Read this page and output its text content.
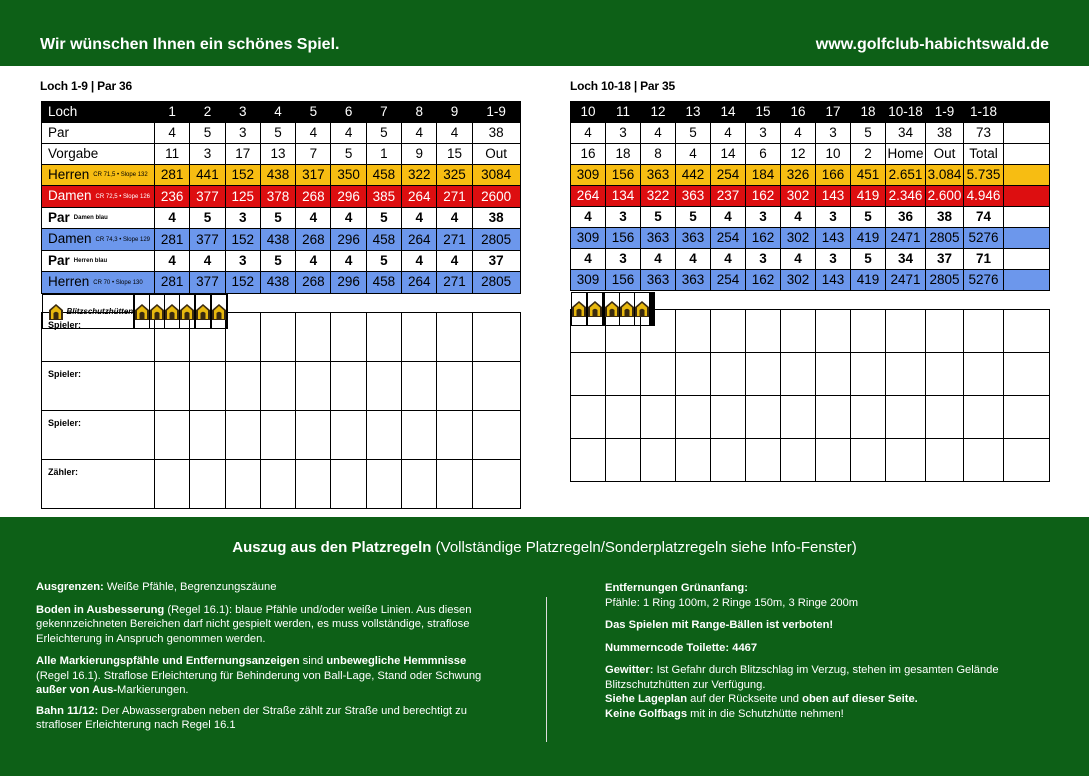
Wir wünschen Ihnen ein schönes Spiel.	www.golfclub-habichtswald.de
Loch 1-9 | Par 36	Loch 10-18 | Par 35
Loch	1	2	3	4	5	6	7	8	9	1-9
Par	4	5	3	5	4	4	5	4	4	38
Vorgabe	11	3	17	13	7	5	1	9	15	Out
Herren CR 71,5 • Slope 132	281	441	152	438	317	350	458	322	325	3084
Damen CR 72,5 • Slope 126	236	377	125	378	268	296	385	264	271	2600
Par Damen blau	4	5	3	5	4	4	5	4	4	38
Damen CR 74,3 • Slope 129	281	377	152	438	268	296	458	264	271	2805
Par Herren blau	4	4	3	5	4	4	5	4	4	37
Herren CR 70 • Slope 130	281	377	152	438	268	296	458	264	271	2805

Blitzschutzhütten		

	Spieler:										
Spieler:										
Spieler:										
Zähler:										
10	11	12	13	14	15	16	17	18	10-18	1-9	1-18	
4	3	4	5	4	3	4	3	5	34	38	73	
16	18	8	4	14	6	12	10	2	Home	Out	Total	
309	156	363	442	254	184	326	166	451	2.651	3.084	5.735	
264	134	322	363	237	162	302	143	419	2.346	2.600	4.946	
4	3	5	5	4	3	4	3	5	36	38	74	
309	156	363	363	254	162	302	143	419	2471	2805	5276	
4	3	4	4	4	3	4	3	5	34	37	71	
309	156	363	363	254	162	302	143	419	2471	2805	5276	

Auszug aus den Platzregeln (Vollständige Platzregeln/Sonderplatzregeln siehe Info-Fenster)

Ausgrenzen: Weiße Pfähle, Begrenzungszäune

Boden in Ausbesserung (Regel 16.1): blaue Pfähle und/oder weiße Linien. Aus diesen gekennzeichneten Bereichen darf nicht gespielt werden, es muss vollständige, straflose Erleichterung in Anspruch genommen werden.

Alle Markierungspfähle und Entfernungsanzeigen sind unbewegliche Hemmnisse (Regel 16.1). Straflose Erleichterung für Behinderung von Ball-Lage, Stand oder Schwung außer von Aus-Markierungen.

Bahn 11/12: Der Abwassergraben neben der Straße zählt zur Straße und berechtigt zu strafloser Erleichterung nach Regel 16.1

Entfernungen Grünanfang:
Pfähle: 1 Ring 100m, 2 Ringe 150m, 3 Ringe 200m

Das Spielen mit Range-Bällen ist verboten!

Nummerncode Toilette: 4467

Gewitter: Ist Gefahr durch Blitzschlag im Verzug, stehen im gesamten Gelände Blitzschutzhütten zur Verfügung.

Siehe Lageplan auf der Rückseite und oben auf dieser Seite.

Keine Golfbags mit in die Schutzhütte nehmen!
